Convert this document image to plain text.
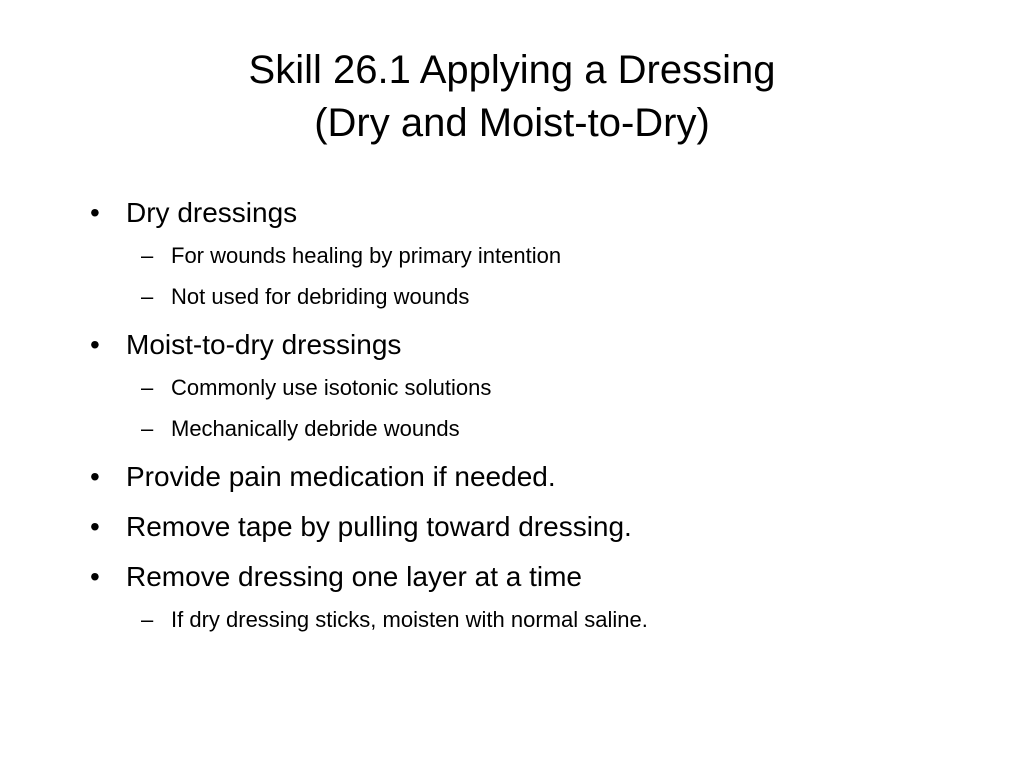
Skill 26.1 Applying a Dressing
(Dry and Moist-to-Dry)
• Dry dressings
– For wounds healing by primary intention
– Not used for debriding wounds
• Moist-to-dry dressings
– Commonly use isotonic solutions
– Mechanically debride wounds
• Provide pain medication if needed.
• Remove tape by pulling toward dressing.
• Remove dressing one layer at a time
– If dry dressing sticks, moisten with normal saline.
